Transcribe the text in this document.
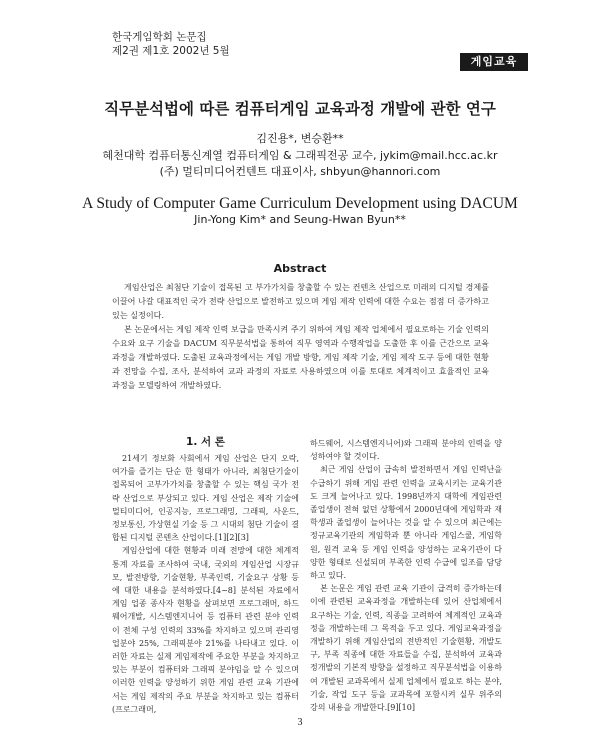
한국게임학회 논문집
제2권 제1호 2002년 5월
게임교육
직무분석법에 따른 컴퓨터게임 교육과정 개발에 관한 연구
김진용*, 변승환**
혜천대학 컴퓨터통신계열 컴퓨터게임 & 그래픽전공 교수, jykim@mail.hcc.ac.kr
(주) 멀티미디어컨텐트 대표이사, shbyun@hannori.com
A Study of Computer Game Curriculum Development using DACUM
Jin-Yong Kim* and Seung-Hwan Byun**
Abstract

게임산업은 최첨단 기술이 접목된 고 부가가치를 창출할 수 있는 컨텐츠 산업으로 미래의 디지털 경제를 이끌어 나갈 대표적인 국가 전략 산업으로 발전하고 있으며 게임 제작 인력에 대한 수요는 점점 더 증가하고 있는 실정이다.

본 논문에서는 게임 제작 인력 보급을 만족시켜 주기 위하여 게임 제작 업체에서 필요로하는 기술 인력의 수요와 요구 기술을 DACUM 직무분석법을 통하여 직무 영역과 수행작업을 도출한 후 이를 근간으로 교육과정을 개발하였다. 도출된 교육과정에서는 게임 개발 방향, 게임 제작 기술, 게임 제작 도구 등에 대한 현황과 전망을 수집, 조사, 분석하여 교과 과정의 자료로 사용하였으며 이를 토대로 체계적이고 효율적인 교육 과정을 모델링하여 개발하였다.

1. 서 론

21세기 정보화 사회에서 게임 산업은 단지 오락, 여가를 즐기는 단순 한 형태가 아니라, 최첨단기술이 접목되어 고부가가치를 창출할 수 있는 핵심 국가 전략 산업으로 부상되고 있다. 게임 산업은 제작 기술에 멀티미디어, 인공지능, 프로그래밍, 그래픽, 사운드, 정보통신, 가상현실 기술 등 그 시대의 첨단 기술이 결합된 디지털 콘텐츠 산업이다.[1][2][3]

게임산업에 대한 현황과 미래 전망에 대한 체계적 통계 자료를 조사하여 국내, 국외의 게임산업 시장규모, 발전방향, 기술현황, 부족인력, 기술요구 상황 등에 대한 내용을 분석하였다.[4~8] 분석된 자료에서 게임 업종 종사자 현황을 살펴보면 프로그래머, 하드웨어개발, 시스템엔지니어 등 컴퓨터 관련 분야 인력이 전체 구성 인력의 33%를 차지하고 있으며 관리영업분야 25%, 그래픽분야 21%를 나타내고 있다. 이러한 자료는 실제 게임제작에 주요한 부분을 차지하고 있는 부분이 컴퓨터와 그래픽 분야임을 알 수 있으며 이러한 인력을 양성하기 위한 게임 관련 교육 기관에서는 게임 제작의 주요 부분을 차지하고 있는 컴퓨터(프로그래머,

하드웨어, 시스템엔지니어)와 그래픽 분야의 인력을 양성하여야 할 것이다.

최근 게임 산업이 급속히 발전하면서 게임 인력난을 수급하기 위해 게임 관련 인력을 교육시키는 교육기관도 크게 늘어나고 있다. 1998년까지 대학에 게임관련 졸업생이 전혀 없던 상황에서 2000년대에 게임학과 재학생과 졸업생이 늘어나는 것을 알 수 있으며 최근에는 정규교육기관의 게임학과 뿐 아니라 게임스쿨, 게임학원, 원격 교육 등 게임 인력을 양성하는 교육기관이 다양한 형태로 신설되며 부족한 인력 수급에 일조를 담당하고 있다.

본 논문은 게임 관련 교육 기관이 급격히 증가하는데 이에 관련된 교육과정을 개발하는데 있어 산업체에서 요구하는 기술, 인력, 직종을 고려하여 체계적인 교육과정을 개발하는데 그 목적을 두고 있다. 게임교육과정을 개발하기 위해 게임산업의 전반적인 기술현황, 개발도구, 부족 직종에 대한 자료들을 수집, 분석하여 교육과정개발의 기본적 방향을 설정하고 직무분석법을 이용하여 개발된 교과목에서 실제 업체에서 필요로 하는 분야, 기술, 작업 도구 등을 교과목에 포함시켜 실무 위주의 강의 내용을 개발한다.[9][10]

3
